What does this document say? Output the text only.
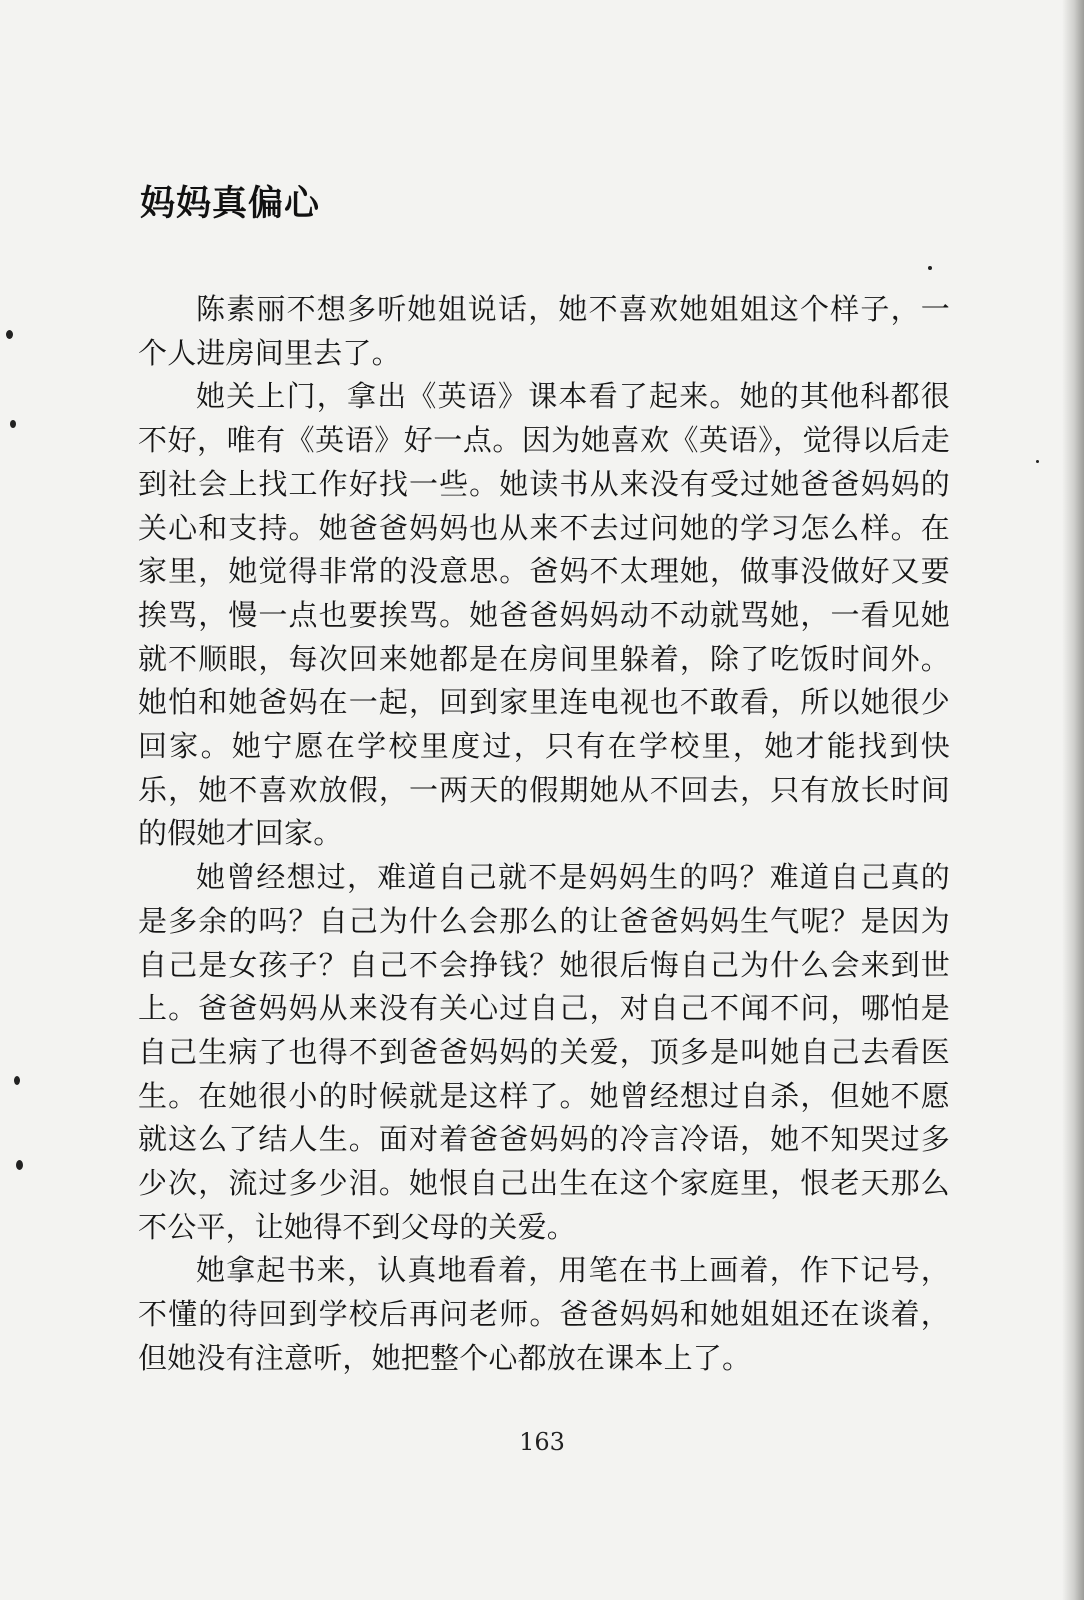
妈妈真偏心

陈素丽不想多听她姐说话，她不喜欢她姐姐这个样子，一个人进房间里去了。

她关上门，拿出《英语》课本看了起来。她的其他科都很不好，唯有《英语》好一点。因为她喜欢《英语》，觉得以后走到社会上找工作好找一些。她读书从来没有受过她爸爸妈妈的关心和支持。她爸爸妈妈也从来不去过问她的学习怎么样。在家里，她觉得非常的没意思。爸妈不太理她，做事没做好又要挨骂，慢一点也要挨骂。她爸爸妈妈动不动就骂她，一看见她就不顺眼，每次回来她都是在房间里躲着，除了吃饭时间外。她怕和她爸妈在一起，回到家里连电视也不敢看，所以她很少回家。她宁愿在学校里度过，只有在学校里，她才能找到快乐，她不喜欢放假，一两天的假期她从不回去，只有放长时间的假她才回家。

她曾经想过，难道自己就不是妈妈生的吗？难道自己真的是多余的吗？自己为什么会那么的让爸爸妈妈生气呢？是因为自己是女孩子？自己不会挣钱？她很后悔自己为什么会来到世上。爸爸妈妈从来没有关心过自己，对自己不闻不问，哪怕是自己生病了也得不到爸爸妈妈的关爱，顶多是叫她自己去看医生。在她很小的时候就是这样了。她曾经想过自杀，但她不愿就这么了结人生。面对着爸爸妈妈的冷言冷语，她不知哭过多少次，流过多少泪。她恨自己出生在这个家庭里，恨老天那么不公平，让她得不到父母的关爱。

她拿起书来，认真地看着，用笔在书上画着，作下记号，不懂的待回到学校后再问老师。爸爸妈妈和她姐姐还在谈着，但她没有注意听，她把整个心都放在课本上了。

163
